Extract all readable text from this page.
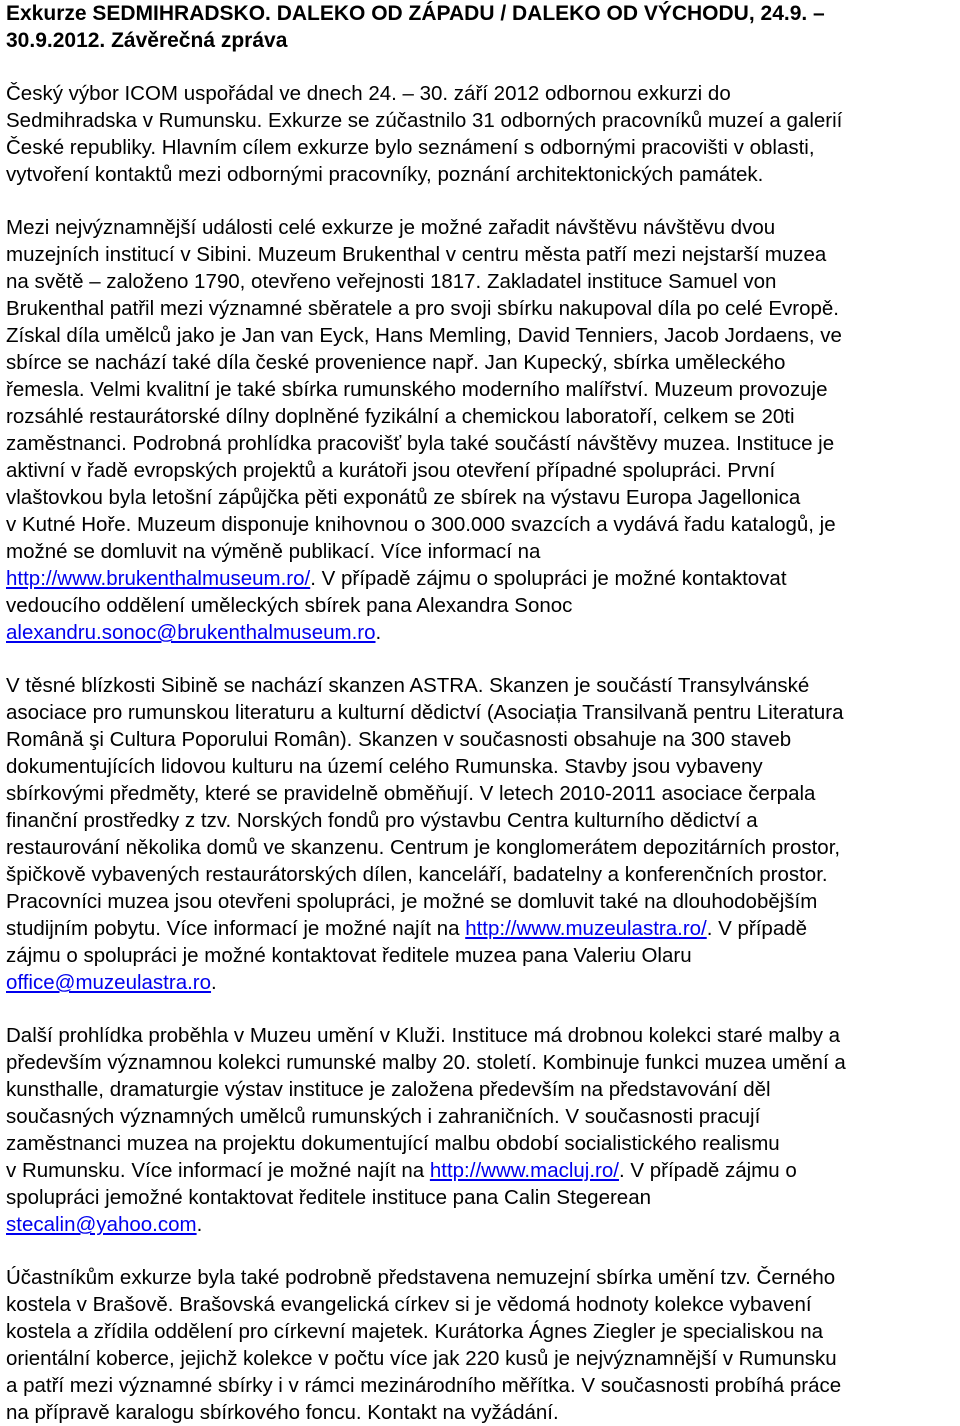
Exkurze SEDMIHRADSKO. DALEKO OD ZÁPADU / DALEKO OD VÝCHODU, 24.9. –
30.9.2012. Závěrečná zpráva

Český výbor ICOM uspořádal ve dnech 24. – 30. září 2012 odbornou exkurzi do
Sedmihradska v Rumunsku. Exkurze se zúčastnilo 31 odborných pracovníků muzeí a galerií
České republiky. Hlavním cílem exkurze bylo seznámení s odbornými pracovišti v oblasti,
vytvoření kontaktů mezi odbornými pracovníky, poznání architektonických památek.

Mezi nejvýznamnější události celé exkurze je možné zařadit návštěvu návštěvu dvou
muzejních institucí v Sibini. Muzeum Brukenthal v centru města patří mezi nejstarší muzea
na světě – založeno 1790, otevřeno veřejnosti 1817. Zakladatel instituce Samuel von
Brukenthal patřil mezi významné sběratele a pro svoji sbírku nakupoval díla po celé Evropě.
Získal díla umělců jako je Jan van Eyck, Hans Memling, David Tenniers, Jacob Jordaens, ve
sbírce se nachází také díla české provenience např. Jan Kupecký, sbírka uměleckého
řemesla. Velmi kvalitní je také sbírka rumunského moderního malířství. Muzeum provozuje
rozsáhlé restaurátorské dílny doplněné fyzikální a chemickou laboratoří, celkem se 20ti
zaměstnanci. Podrobná prohlídka pracovišť byla také součástí návštěvy muzea. Instituce je
aktivní v řadě evropských projektů a kurátoři jsou otevření případné spolupráci. První
vlaštovkou byla letošní zápůjčka pěti exponátů ze sbírek na výstavu Europa Jagellonica
v Kutné Hoře. Muzeum disponuje knihovnou o 300.000 svazcích a vydává řadu katalogů, je
možné se domluvit na výměně publikací. Více informací na
http://www.brukenthalmuseum.ro/. V případě zájmu o spolupráci je možné kontaktovat
vedoucího oddělení uměleckých sbírek pana Alexandra Sonoc
alexandru.sonoc@brukenthalmuseum.ro.

V těsné blízkosti Sibině se nachází skanzen ASTRA. Skanzen je součástí Transylvánské
asociace pro rumunskou literaturu a kulturní dědictví (Asociația Transilvană pentru Literatura
Română şi Cultura Poporului Român). Skanzen v současnosti obsahuje na 300 staveb
dokumentujících lidovou kulturu na území celého Rumunska. Stavby jsou vybaveny
sbírkovými předměty, které se pravidelně obměňují. V letech 2010-2011 asociace čerpala
finanční prostředky z tzv. Norských fondů pro výstavbu Centra kulturního dědictví a
restaurování několika domů ve skanzenu. Centrum je konglomerátem depozitárních prostor,
špičkově vybavených restaurátorských dílen, kanceláří, badatelny a konferenčních prostor.
Pracovníci muzea jsou otevřeni spolupráci, je možné se domluvit také na dlouhodobějším
studijním pobytu. Více informací je možné najít na http://www.muzeulastra.ro/. V případě
zájmu o spolupráci je možné kontaktovat ředitele muzea pana Valeriu Olaru
office@muzeulastra.ro.

Další prohlídka proběhla v Muzeu umění v Kluži. Instituce má drobnou kolekci staré malby a
především významnou kolekci rumunské malby 20. století. Kombinuje funkci muzea umění a
kunsthalle, dramaturgie výstav instituce je založena především na představování děl
současných významných umělců rumunských i zahraničních. V současnosti pracují
zaměstnanci muzea na projektu dokumentující malbu období socialistického realismu
v Rumunsku. Více informací je možné najít na http://www.macluj.ro/. V případě zájmu o
spolupráci jemožné kontaktovat ředitele instituce pana Calin Stegerean
stecalin@yahoo.com.

Účastníkům exkurze byla také podrobně představena nemuzejní sbírka umění tzv. Černého
kostela v Brašově. Brašovská evangelická církev si je vědomá hodnoty kolekce vybavení
kostela a zřídila oddělení pro církevní majetek. Kurátorka Ágnes Ziegler je specialiskou na
orientální koberce, jejichž kolekce v počtu více jak 220 kusů je nejvýznamnější v Rumunsku
a patří mezi významné sbírky i v rámci mezinárodního měřítka. V současnosti probíhá práce
na přípravě karalogu sbírkového foncu. Kontakt na vyžádání.
